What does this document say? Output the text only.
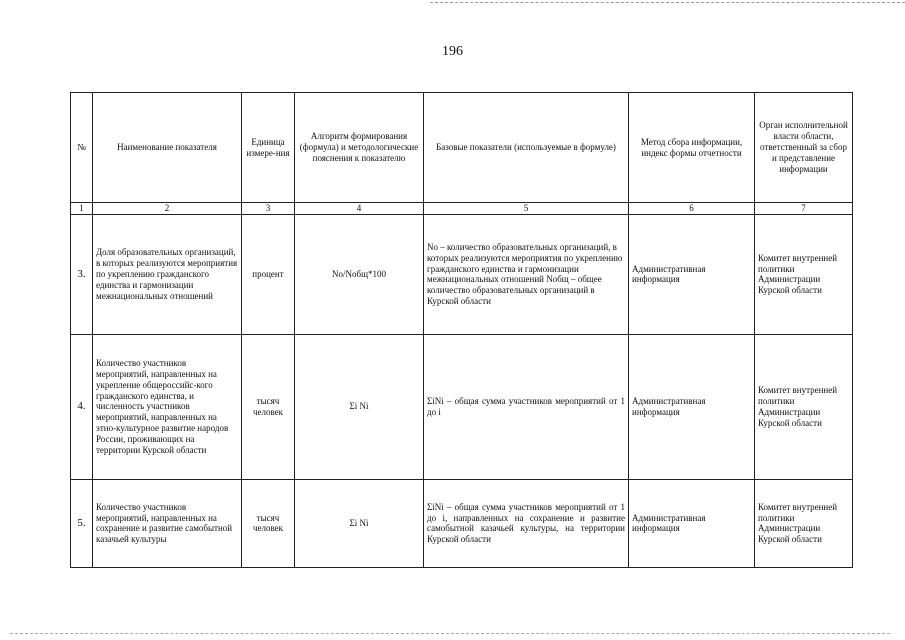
196
№	Наименование показателя	Единица измере-ния	Алгоритм формирования (формула) и методологические пояснения к показателю	Базовые показатели (используемые в формуле)	Метод сбора информации, индекс формы отчетности	Орган исполнительной власти области, ответственный за сбор и представление информации
1	2	3	4	5	6	7
3.	Доля образовательных организаций, в которых реализуются мероприятия по укреплению гражданского единства и гармонизации межнациональных отношений	процент	No/Noбщ*100	No – количество образовательных организаций, в которых реализуются мероприятия по укреплению гражданского единства и гармонизации межнациональных отношений Noбщ – общее количество образовательных организаций в Курской области	Административная информация	Комитет внутренней политики Администрации Курской области
4.	Количество участников мероприятий, направленных на укрепление общероссийс-кого гражданского единства, и численность участников мероприятий, направленных на этно-культурное развитие народов России, проживающих на территории Курской области	тысяч человек	Σi Ni	ΣiNi – общая сумма участников мероприятий от 1 до i	Административная информация	Комитет внутренней политики Администрации Курской области
5.	Количество участников мероприятий, направленных на сохранение и развитие самобытной казачьей культуры	тысяч человек	Σi Ni	ΣiNi – общая сумма участников мероприятий от 1 до i, направленных на сохранение и развитие самобытной казачьей культуры, на территории Курской области	Административная информация	Комитет внутренней политики Администрации Курской области
